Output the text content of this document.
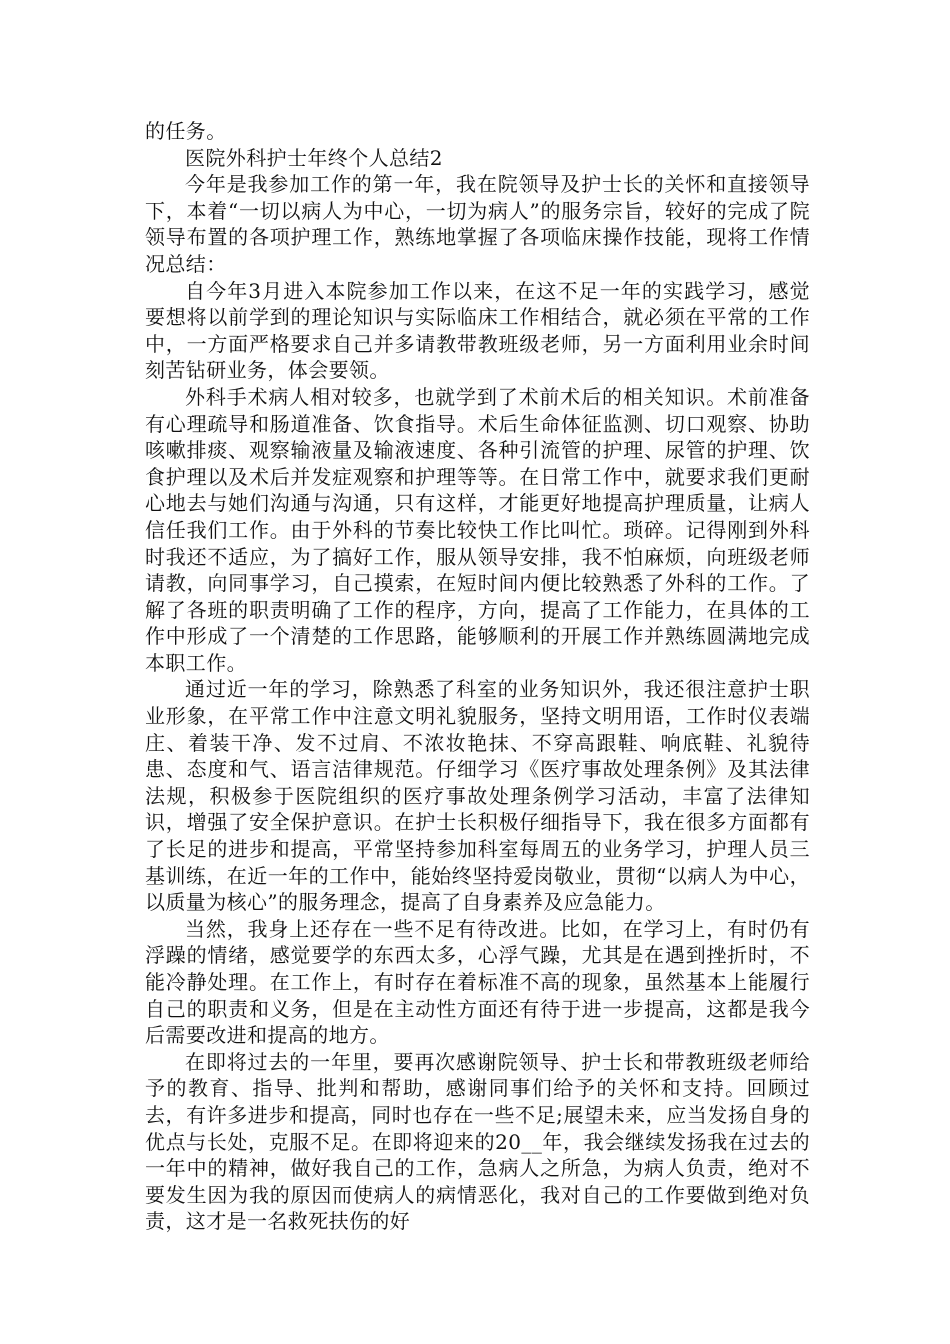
的任务。

医院外科护士年终个人总结2

今年是我参加工作的第一年，我在院领导及护士长的关怀和直接领导下，本着“一切以病人为中心，一切为病人”的服务宗旨，较好的完成了院领导布置的各项护理工作，熟练地掌握了各项临床操作技能，现将工作情况总结：

自今年3月进入本院参加工作以来，在这不足一年的实践学习，感觉要想将以前学到的理论知识与实际临床工作相结合，就必须在平常的工作中，一方面严格要求自己并多请教带教班级老师，另一方面利用业余时间刻苦钻研业务，体会要领。

外科手术病人相对较多，也就学到了术前术后的相关知识。术前准备有心理疏导和肠道准备、饮食指导。术后生命体征监测、切口观察、协助咳嗽排痰、观察输液量及输液速度、各种引流管的护理、尿管的护理、饮食护理以及术后并发症观察和护理等等。在日常工作中，就要求我们更耐心地去与她们沟通与沟通，只有这样，才能更好地提高护理质量，让病人信任我们工作。由于外科的节奏比较快工作比叫忙。琐碎。记得刚到外科时我还不适应，为了搞好工作，服从领导安排，我不怕麻烦，向班级老师请教，向同事学习，自己摸索，在短时间内便比较熟悉了外科的工作。了解了各班的职责明确了工作的程序，方向，提高了工作能力，在具体的工作中形成了一个清楚的工作思路，能够顺利的开展工作并熟练圆满地完成本职工作。

通过近一年的学习，除熟悉了科室的业务知识外，我还很注意护士职业形象，在平常工作中注意文明礼貌服务，坚持文明用语，工作时仪表端庄、着装干净、发不过肩、不浓妆艳抹、不穿高跟鞋、响底鞋、礼貌待患、态度和气、语言洁律规范。仔细学习《医疗事故处理条例》及其法律法规，积极参于医院组织的医疗事故处理条例学习活动，丰富了法律知识，增强了安全保护意识。在护士长积极仔细指导下，我在很多方面都有了长足的进步和提高，平常坚持参加科室每周五的业务学习，护理人员三基训练，在近一年的工作中，能始终坚持爱岗敬业，贯彻“以病人为中心，以质量为核心”的服务理念，提高了自身素养及应急能力。

当然，我身上还存在一些不足有待改进。比如，在学习上，有时仍有浮躁的情绪，感觉要学的东西太多，心浮气躁，尤其是在遇到挫折时，不能冷静处理。在工作上，有时存在着标准不高的现象，虽然基本上能履行自己的职责和义务，但是在主动性方面还有待于进一步提高，这都是我今后需要改进和提高的地方。

在即将过去的一年里，要再次感谢院领导、护士长和带教班级老师给予的教育、指导、批判和帮助，感谢同事们给予的关怀和支持。回顾过去，有许多进步和提高，同时也存在一些不足;展望未来，应当发扬自身的优点与长处，克服不足。在即将迎来的20__年，我会继续发扬我在过去的一年中的精神，做好我自己的工作，急病人之所急，为病人负责，绝对不要发生因为我的原因而使病人的病情恶化，我对自己的工作要做到绝对负责，这才是一名救死扶伤的好
